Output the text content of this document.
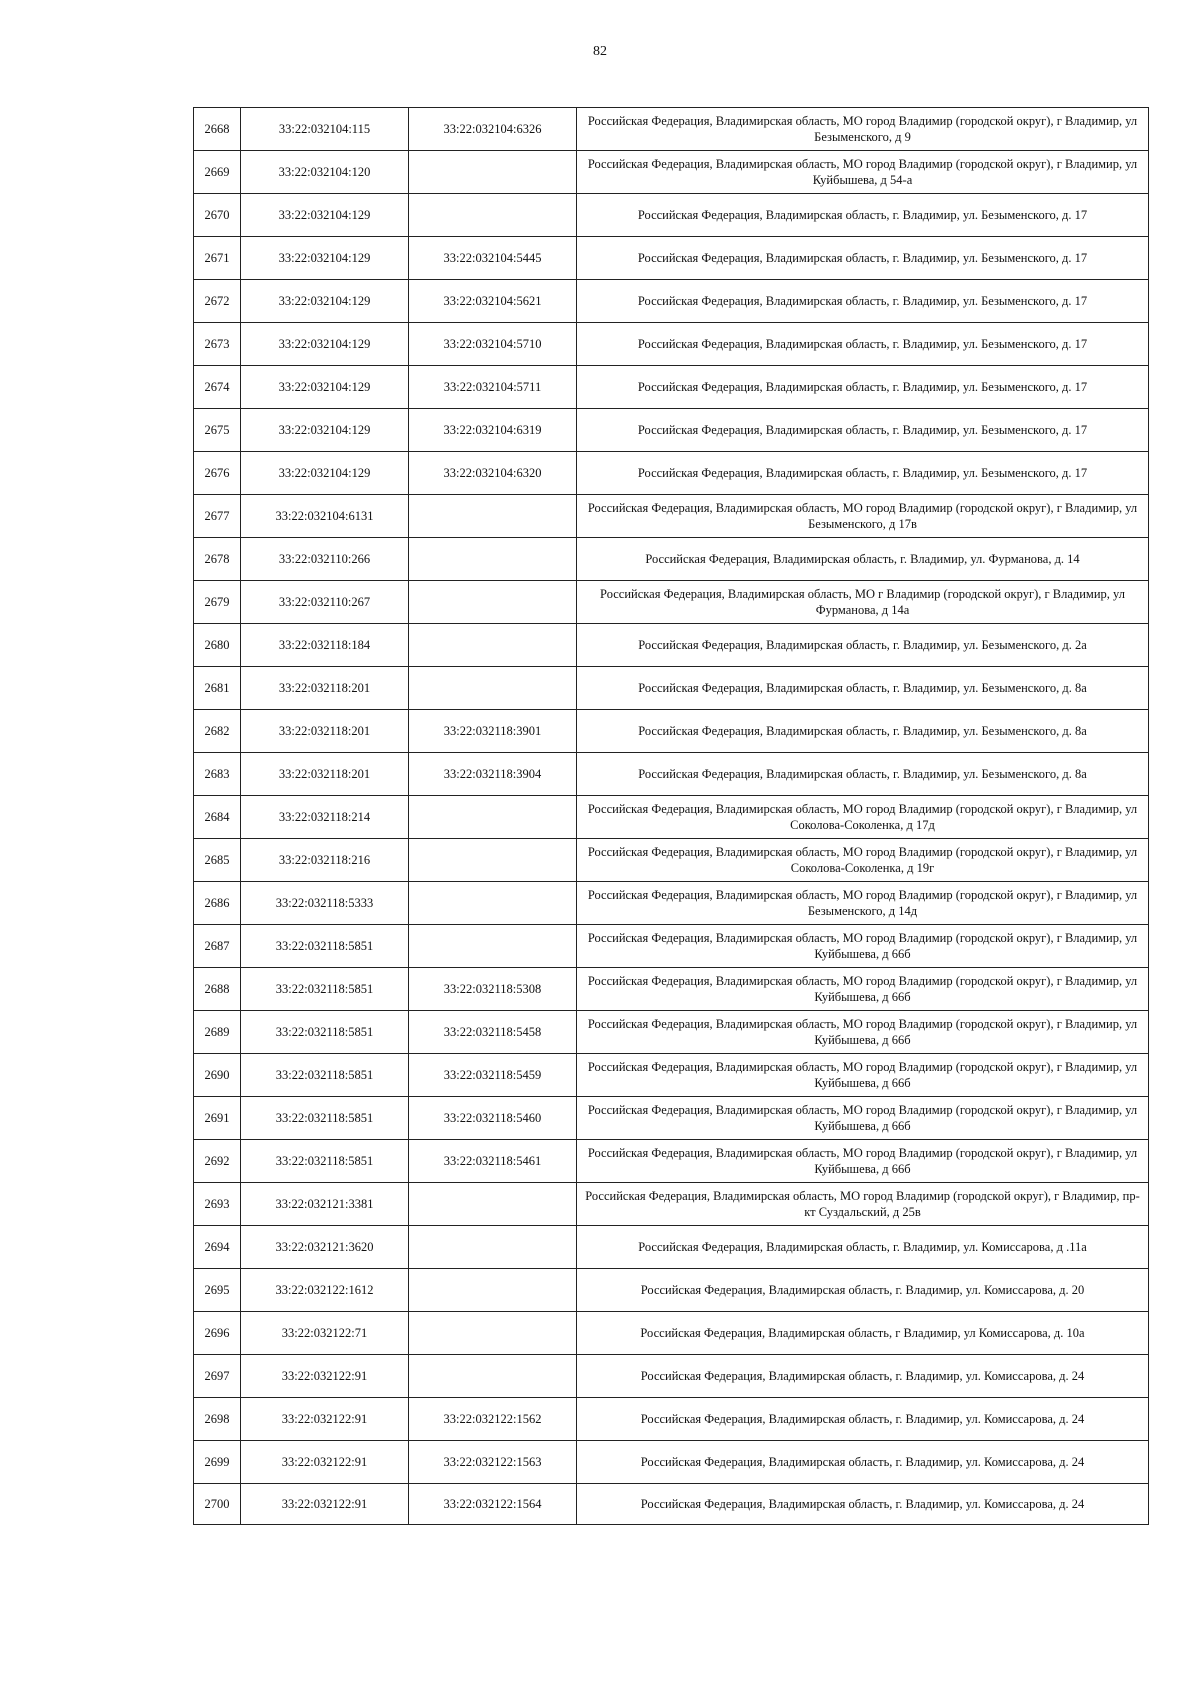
82
2668	33:22:032104:115	33:22:032104:6326	Российская Федерация, Владимирская область, МО город Владимир (городской округ), г Владимир, ул Безыменского, д 9
2669	33:22:032104:120		Российская Федерация, Владимирская область, МО город Владимир (городской округ), г Владимир, ул Куйбышева, д 54-а
2670	33:22:032104:129		Российская Федерация, Владимирская область, г. Владимир, ул. Безыменского, д. 17
2671	33:22:032104:129	33:22:032104:5445	Российская Федерация, Владимирская область, г. Владимир, ул. Безыменского, д. 17
2672	33:22:032104:129	33:22:032104:5621	Российская Федерация, Владимирская область, г. Владимир, ул. Безыменского, д. 17
2673	33:22:032104:129	33:22:032104:5710	Российская Федерация, Владимирская область, г. Владимир, ул. Безыменского, д. 17
2674	33:22:032104:129	33:22:032104:5711	Российская Федерация, Владимирская область, г. Владимир, ул. Безыменского, д. 17
2675	33:22:032104:129	33:22:032104:6319	Российская Федерация, Владимирская область, г. Владимир, ул. Безыменского, д. 17
2676	33:22:032104:129	33:22:032104:6320	Российская Федерация, Владимирская область, г. Владимир, ул. Безыменского, д. 17
2677	33:22:032104:6131		Российская Федерация, Владимирская область, МО город Владимир (городской округ), г Владимир, ул Безыменского, д 17в
2678	33:22:032110:266		Российская Федерация, Владимирская область, г. Владимир, ул. Фурманова, д. 14
2679	33:22:032110:267		Российская Федерация, Владимирская область, МО г Владимир (городской округ), г Владимир, ул Фурманова, д 14а
2680	33:22:032118:184		Российская Федерация, Владимирская область, г. Владимир, ул. Безыменского, д. 2а
2681	33:22:032118:201		Российская Федерация, Владимирская область, г. Владимир, ул. Безыменского, д. 8а
2682	33:22:032118:201	33:22:032118:3901	Российская Федерация, Владимирская область, г. Владимир, ул. Безыменского, д. 8а
2683	33:22:032118:201	33:22:032118:3904	Российская Федерация, Владимирская область, г. Владимир, ул. Безыменского, д. 8а
2684	33:22:032118:214		Российская Федерация, Владимирская область, МО город Владимир (городской округ), г Владимир, ул Соколова-Соколенка, д 17д
2685	33:22:032118:216		Российская Федерация, Владимирская область, МО город Владимир (городской округ), г Владимир, ул Соколова-Соколенка, д 19г
2686	33:22:032118:5333		Российская Федерация, Владимирская область, МО город Владимир (городской округ), г Владимир, ул Безыменского, д 14д
2687	33:22:032118:5851		Российская Федерация, Владимирская область, МО город Владимир (городской округ), г Владимир, ул Куйбышева, д 66б
2688	33:22:032118:5851	33:22:032118:5308	Российская Федерация, Владимирская область, МО город Владимир (городской округ), г Владимир, ул Куйбышева, д 66б
2689	33:22:032118:5851	33:22:032118:5458	Российская Федерация, Владимирская область, МО город Владимир (городской округ), г Владимир, ул Куйбышева, д 66б
2690	33:22:032118:5851	33:22:032118:5459	Российская Федерация, Владимирская область, МО город Владимир (городской округ), г Владимир, ул Куйбышева, д 66б
2691	33:22:032118:5851	33:22:032118:5460	Российская Федерация, Владимирская область, МО город Владимир (городской округ), г Владимир, ул Куйбышева, д 66б
2692	33:22:032118:5851	33:22:032118:5461	Российская Федерация, Владимирская область, МО город Владимир (городской округ), г Владимир, ул Куйбышева, д 66б
2693	33:22:032121:3381		Российская Федерация, Владимирская область, МО город Владимир (городской округ), г Владимир, пр-кт Суздальский, д 25в
2694	33:22:032121:3620		Российская Федерация, Владимирская область, г. Владимир, ул. Комиссарова, д .11а
2695	33:22:032122:1612		Российская Федерация, Владимирская область, г. Владимир, ул. Комиссарова, д. 20
2696	33:22:032122:71		Российская Федерация, Владимирская область, г Владимир, ул Комиссарова, д. 10а
2697	33:22:032122:91		Российская Федерация, Владимирская область, г. Владимир, ул. Комиссарова, д. 24
2698	33:22:032122:91	33:22:032122:1562	Российская Федерация, Владимирская область, г. Владимир, ул. Комиссарова, д. 24
2699	33:22:032122:91	33:22:032122:1563	Российская Федерация, Владимирская область, г. Владимир, ул. Комиссарова, д. 24
2700	33:22:032122:91	33:22:032122:1564	Российская Федерация, Владимирская область, г. Владимир, ул. Комиссарова, д. 24
